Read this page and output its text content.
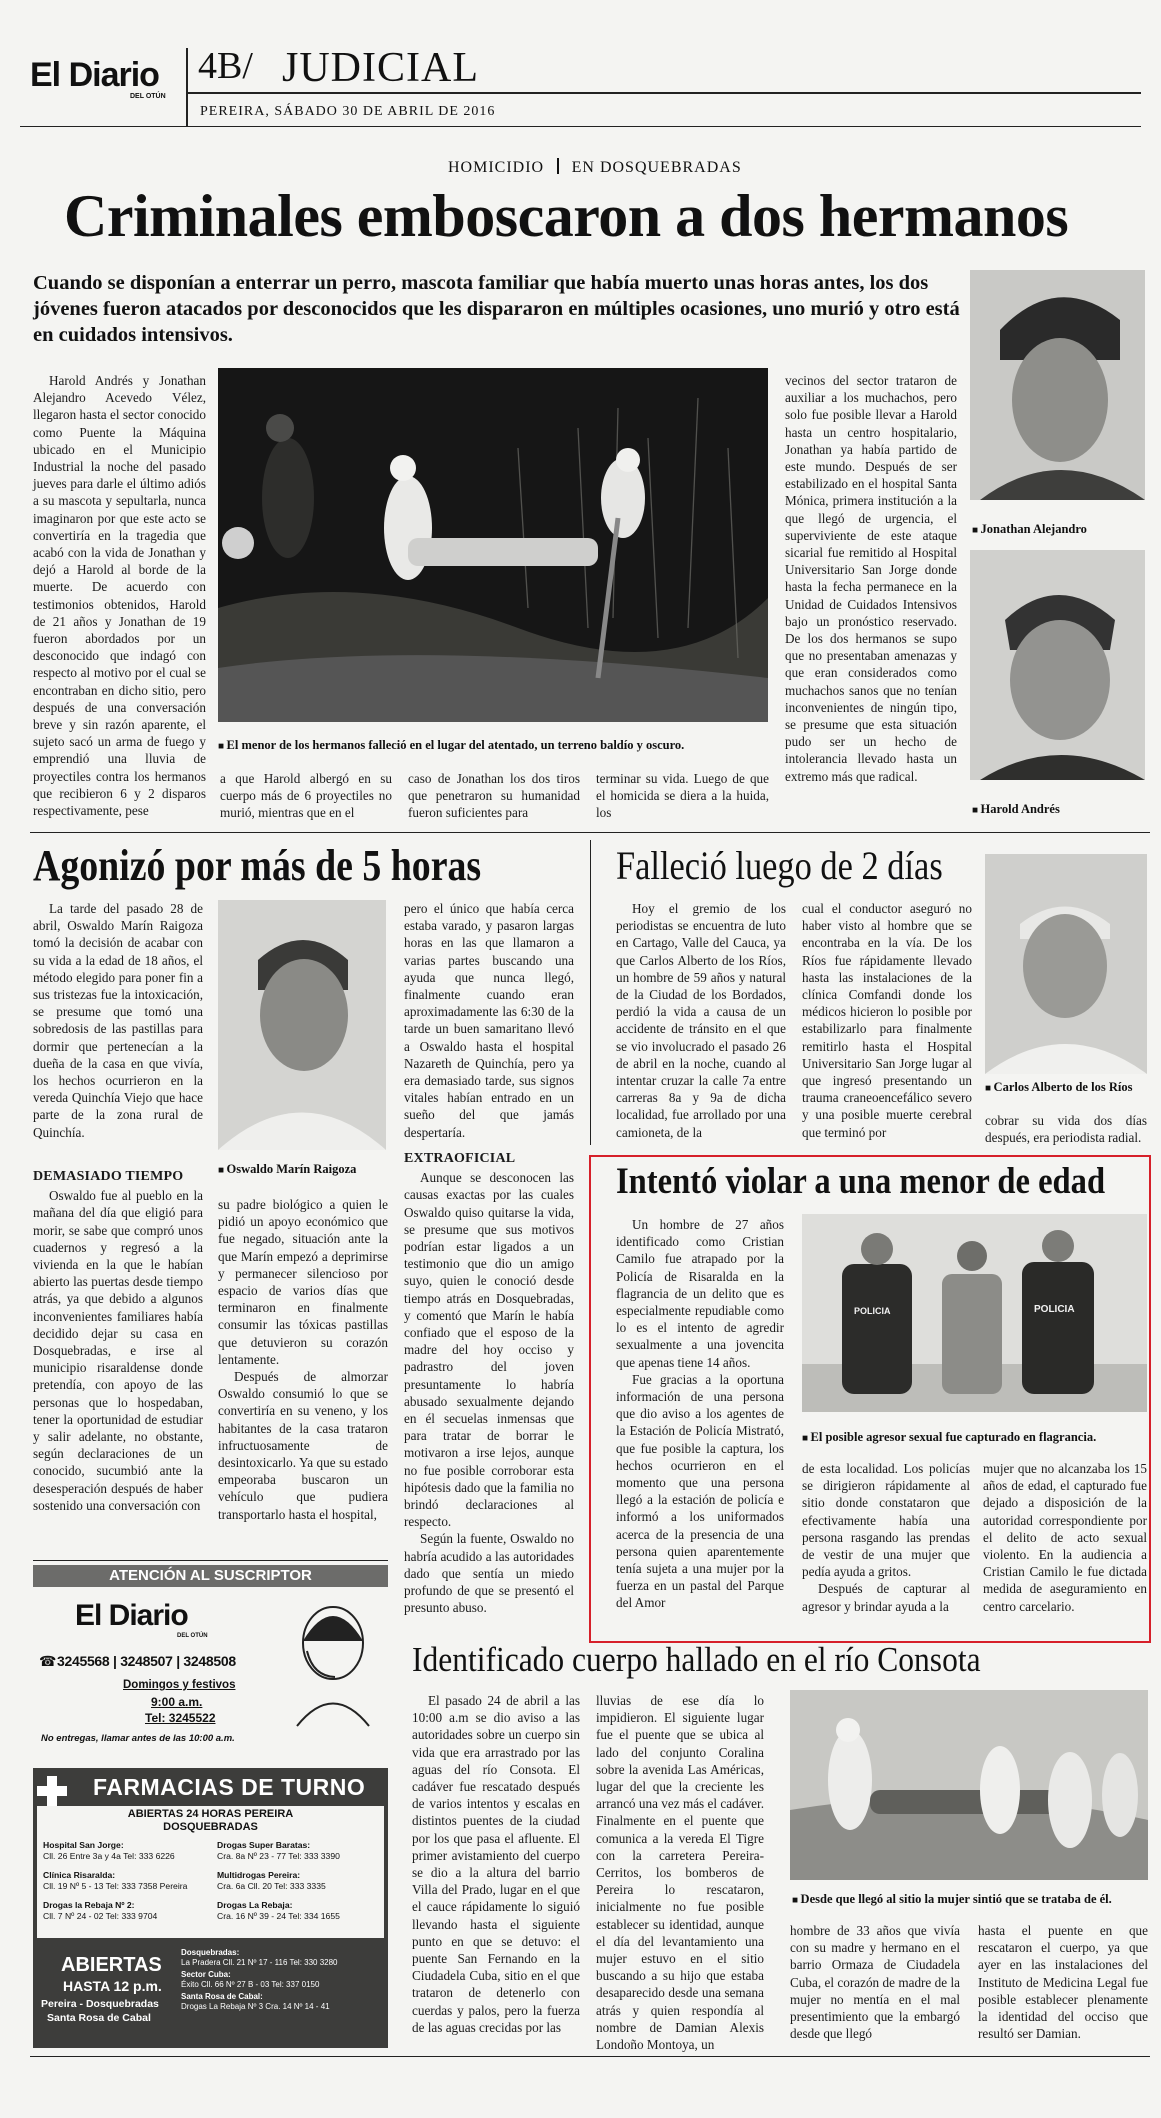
El Diario
DEL OTÚN
4B/ JUDICIAL
PEREIRA, SÁBADO 30 DE ABRIL DE 2016
HOMICIDIO EN DOSQUEBRADAS
Criminales emboscaron a dos hermanos
Cuando se disponían a enterrar un perro, mascota familiar que había muerto unas horas antes, los dos jóvenes fueron atacados por desconocidos que les dispararon en múltiples ocasiones, uno murió y otro está en cuidados intensivos.

Harold Andrés y Jonathan Alejandro Acevedo Vélez, llegaron hasta el sector conocido como Puente la Máquina ubicado en el Municipio Industrial la noche del pasado jueves para darle el último adiós a su mascota y sepultarla, nunca imaginaron por que este acto se convertiría en la tragedia que acabó con la vida de Jonathan y dejó a Harold al borde de la muerte. De acuerdo con testimonios obtenidos, Harold de 21 años y Jonathan de 19 fueron abordados por un desconocido que indagó con respecto al motivo por el cual se encontraban en dicho sitio, pero después de una conversación breve y sin razón aparente, el sujeto sacó un arma de fuego y emprendió una lluvia de proyectiles contra los hermanos que recibieron 6 y 2 disparos respectivamente, pese

■ El menor de los hermanos falleció en el lugar del atentado, un terreno baldío y oscuro.

a que Harold albergó en su cuerpo más de 6 proyectiles no murió, mientras que en el

caso de Jonathan los dos tiros que penetraron su humanidad fueron suficientes para

terminar su vida. Luego de que el homicida se diera a la huida, los

vecinos del sector trataron de auxiliar a los muchachos, pero solo fue posible llevar a Harold hasta un centro hospitalario, Jonathan ya había partido de este mundo. Después de ser estabilizado en el hospital Santa Mónica, primera institución a la que llegó de urgencia, el superviviente de este ataque sicarial fue remitido al Hospital Universitario San Jorge donde hasta la fecha permanece en la Unidad de Cuidados Intensivos bajo un pronóstico reservado. De los dos hermanos se supo que no presentaban amenazas y que eran considerados como muchachos sanos que no tenían inconvenientes de ningún tipo, se presume que esta situación pudo ser un hecho de intolerancia llevado hasta un extremo más que radical.

■ Jonathan Alejandro
■ Harold Andrés
Agonizó por más de 5 horas

La tarde del pasado 28 de abril, Oswaldo Marín Raigoza tomó la decisión de acabar con su vida a la edad de 18 años, el método elegido para poner fin a sus tristezas fue la intoxicación, se presume que tomó una sobredosis de las pastillas para dormir que pertenecían a la dueña de la casa en que vivía, los hechos ocurrieron en la vereda Quinchía Viejo que hace parte de la zona rural de Quinchía.

DEMASIADO TIEMPO

Oswaldo fue al pueblo en la mañana del día que eligió para morir, se sabe que compró unos cuadernos y regresó a la vivienda en la que le habían abierto las puertas desde tiempo atrás, ya que debido a algunos inconvenientes familiares había decidido dejar su casa en Dosquebradas, e irse al municipio risaraldense donde pretendía, con apoyo de las personas que lo hospedaban, tener la oportunidad de estudiar y salir adelante, no obstante, según declaraciones de un conocido, sucumbió ante la desesperación después de haber sostenido una conversación con

■ Oswaldo Marín Raigoza

su padre biológico a quien le pidió un apoyo económico que fue negado, situación ante la que Marín empezó a deprimirse y permanecer silencioso por espacio de varios días que terminaron en finalmente consumir las tóxicas pastillas que detuvieron su corazón lentamente.

Después de almorzar Oswaldo consumió lo que se convertiría en su veneno, y los habitantes de la casa trataron infructuosamente de desintoxicarlo. Ya que su estado empeoraba buscaron un vehículo que pudiera transportarlo hasta el hospital,

pero el único que había cerca estaba varado, y pasaron largas horas en las que llamaron a varias partes buscando una ayuda que nunca llegó, finalmente cuando eran aproximadamente las 6:30 de la tarde un buen samaritano llevó a Oswaldo hasta el hospital Nazareth de Quinchía, pero ya era demasiado tarde, sus signos vitales habían entrado en un sueño del que jamás despertaría.

EXTRAOFICIAL

Aunque se desconocen las causas exactas por las cuales Oswaldo quiso quitarse la vida, se presume que sus motivos podrían estar ligados a un testimonio que dio un amigo suyo, quien le conoció desde tiempo atrás en Dosquebradas, y comentó que Marín le había confiado que el esposo de la madre del hoy occiso y padrastro del joven presuntamente lo habría abusado sexualmente dejando en él secuelas inmensas que para tratar de borrar le motivaron a irse lejos, aunque no fue posible corroborar esta hipótesis dado que la familia no brindó declaraciones al respecto.

Según la fuente, Oswaldo no habría acudido a las autoridades dado que sentía un miedo profundo de que se presentó el presunto abuso.

Falleció luego de 2 días

Hoy el gremio de los periodistas se encuentra de luto en Cartago, Valle del Cauca, ya que Carlos Alberto de los Ríos, un hombre de 59 años y natural de la Ciudad de los Bordados, perdió la vida a causa de un accidente de tránsito en el que se vio involucrado el pasado 26 de abril en la noche, cuando al intentar cruzar la calle 7a entre carreras 8a y 9a de dicha localidad, fue arrollado por una camioneta, de la

cual el conductor aseguró no haber visto al hombre que se encontraba en la vía. De los Ríos fue rápidamente llevado hasta las instalaciones de la clínica Comfandi donde los médicos hicieron lo posible por estabilizarlo para finalmente remitirlo hasta el Hospital Universitario San Jorge lugar al que ingresó presentando un trauma craneoencefálico severo y una posible muerte cerebral que terminó por

■ Carlos Alberto de los Ríos

cobrar su vida dos días después, era periodista radial.

Intentó violar a una menor de edad

Un hombre de 27 años identificado como Cristian Camilo fue atrapado por la Policía de Risaralda en la flagrancia de un delito que es especialmente repudiable como lo es el intento de agredir sexualmente a una jovencita que apenas tiene 14 años.

Fue gracias a la oportuna información de una persona que dio aviso a los agentes de la Estación de Policía Mistrató, que fue posible la captura, los hechos ocurrieron en el momento que una persona llegó a la estación de policía e informó a los uniformados acerca de la presencia de una persona quien aparentemente tenía sujeta a una mujer por la fuerza en un pastal del Parque del Amor

POLICIA	POLICIA
■ El posible agresor sexual fue capturado en flagrancia.

de esta localidad. Los policías se dirigieron rápidamente al sitio donde constataron que efectivamente había una persona rasgando las prendas de vestir de una mujer que pedía ayuda a gritos.

Después de capturar al agresor y brindar ayuda a la

mujer que no alcanzaba los 15 años de edad, el capturado fue dejado a disposición de la autoridad correspondiente por el delito de acto sexual violento. En la audiencia a Cristian Camilo le fue dictada medida de aseguramiento en centro carcelario.

ATENCIÓN AL SUSCRIPTOR
El Diario
DEL OTÚN
☎ 3245568 | 3248507 | 3248508
Domingos y festivos
9:00 a.m.
Tel: 3245522
No entregas, llamar antes de las 10:00 a.m.
FARMACIAS DE TURNO
ABIERTAS 24 HORAS PEREIRA
DOSQUEBRADAS
Hospital San Jorge:
Cll. 26 Entre 3a y 4a Tel: 333 6226
Clínica Risaralda:
Cll. 19 Nº 5 - 13 Tel: 333 7358 Pereira
Drogas la Rebaja Nº 2:
Cll. 7 Nº 24 - 02 Tel: 333 9704
Drogas Super Baratas:
Cra. 8a Nº 23 - 77 Tel: 333 3390
Multidrogas Pereira:
Cra. 6a Cll. 20 Tel: 333 3335
Drogas La Rebaja:
Cra. 16 Nº 39 - 24 Tel: 334 1655
ABIERTAS
HASTA 12 p.m.
Pereira - Dosquebradas
Santa Rosa de Cabal
Dosquebradas:
La Pradera Cll. 21 Nº 17 - 116 Tel: 330 3280
Sector Cuba:
Éxito Cll. 66 Nº 27 B - 03 Tel: 337 0150
Santa Rosa de Cabal:
Drogas La Rebaja Nº 3 Cra. 14 Nº 14 - 41
Identificado cuerpo hallado en el río Consota

El pasado 24 de abril a las 10:00 a.m se dio aviso a las autoridades sobre un cuerpo sin vida que era arrastrado por las aguas del río Consota. El cadáver fue rescatado después de varios intentos y escalas en distintos puentes de la ciudad por los que pasa el afluente. El primer avistamiento del cuerpo se dio a la altura del barrio Villa del Prado, lugar en el que el cauce rápidamente lo siguió llevando hasta el siguiente punto en que se detuvo: el puente San Fernando en la Ciudadela Cuba, sitio en el que trataron de detenerlo con cuerdas y palos, pero la fuerza de las aguas crecidas por las

lluvias de ese día lo impidieron. El siguiente lugar fue el puente que se ubica al lado del conjunto Coralina sobre la avenida Las Américas, lugar del que la creciente les arrancó una vez más el cadáver. Finalmente en el puente que comunica a la vereda El Tigre con la carretera Pereira-Cerritos, los bomberos de Pereira lo rescataron, inicialmente no fue posible establecer su identidad, aunque el día del levantamiento una mujer estuvo en el sitio buscando a su hijo que estaba desaparecido desde una semana atrás y quien respondía al nombre de Damian Alexis Londoño Montoya, un

■ Desde que llegó al sitio la mujer sintió que se trataba de él.

hombre de 33 años que vivía con su madre y hermano en el barrio Ormaza de Ciudadela Cuba, el corazón de madre de la mujer no mentía en el mal presentimiento que la embargó desde que llegó

hasta el puente en que rescataron el cuerpo, ya que ayer en las instalaciones del Instituto de Medicina Legal fue posible establecer plenamente la identidad del occiso que resultó ser Damian.
